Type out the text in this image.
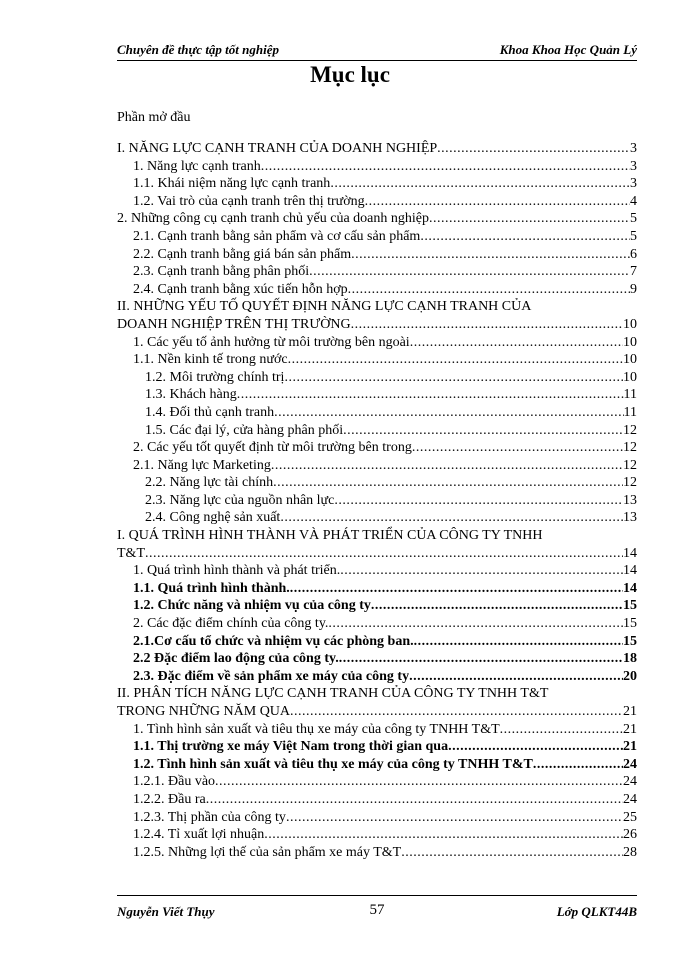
Chuyên đề thực tập tốt nghiệp	Khoa Khoa Học Quản Lý
Mục lục
Phần mở đầu
I. NĂNG LỰC CẠNH TRANH CỦA DOANH NGHIỆP .....	3
1. Năng lực cạnh tranh .....	3
1.1. Khái niệm năng lực cạnh tranh .....	3
1.2. Vai trò của cạnh tranh trên thị trường .....	4
2. Những công cụ cạnh tranh chủ yếu của doanh nghiệp .....	5
2.1. Cạnh tranh bằng sản phẩm và cơ cấu sản phẩm .....	5
2.2. Cạnh tranh bằng giá bán sản phẩm .....	6
2.3. Cạnh tranh bằng phân phối .....	7
2.4. Cạnh tranh bằng xúc tiến hỗn hợp .....	9
II. NHỮNG YẾU TỐ QUYẾT ĐỊNH NĂNG LỰC CẠNH TRANH CỦA
DOANH NGHIỆP TRÊN THỊ TRƯỜNG .....	10
1. Các yếu tố ảnh hưởng từ môi trường bên ngoài .....	10
1.1. Nền kinh tế trong nước .....	10
1.2. Môi trường chính trị .....	10
1.3. Khách hàng .....	11
1.4. Đối thủ cạnh tranh .....	11
1.5. Các đại lý, cửa hàng phân phối .....	12
2. Các yếu tốt quyết định từ môi trường bên trong .....	12
2.1. Năng lực Marketing .....	12
2.2. Năng lực tài chính .....	12
2.3. Năng lực của nguồn nhân lực .....	13
2.4. Công nghệ sản xuất .....	13
I. QUÁ TRÌNH HÌNH THÀNH VÀ PHÁT TRIỂN CỦA CÔNG TY TNHH
T&T .....	14
1. Quá trình hình thành và phát triển. .....	14
1.1. Quá trình hình thành. .....	14
1.2. Chức năng và nhiệm vụ của công ty .....	15
2. Các đặc điểm chính của công ty. .....	15
2.1.Cơ cấu tổ chức và nhiệm vụ các phòng ban. .....	15
2.2 Đặc điểm lao động của công ty. .....	18
2.3. Đặc điểm về sản phẩm xe máy của công ty .....	20
II. PHÂN TÍCH NĂNG LỰC CẠNH TRANH CỦA CÔNG TY TNHH T&T
TRONG NHỮNG NĂM QUA .....	21
1. Tình hình sản xuất và tiêu thụ xe máy của công ty TNHH T&T .....	21
1.1. Thị trường xe máy Việt Nam trong thời gian qua .....	21
1.2. Tình hình sản xuất và tiêu thụ xe máy của công ty TNHH T&T .....	24
1.2.1. Đầu vào .....	24
1.2.2. Đầu ra .....	24
1.2.3. Thị phần của công ty .....	25
1.2.4. Tỉ xuất lợi nhuận .....	26
1.2.5. Những lợi thế của sản phẩm xe máy T&T .....	28
Nguyễn Viết Thụy	57	Lớp QLKT44B
